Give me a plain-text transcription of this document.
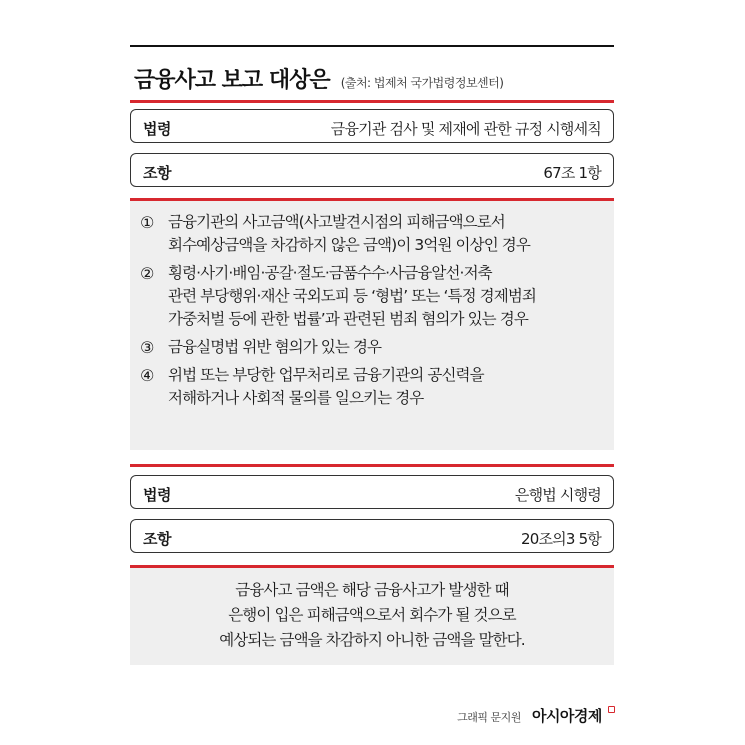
금융사고 보고 대상은 (출처: 법제처 국가법령정보센터)
법령	금융기관 검사 및 제재에 관한 규정 시행세칙
조항	67조 1항
① 금융기관의 사고금액(사고발견시점의 피해금액으로서
회수예상금액을 차감하지 않은 금액)이 3억원 이상인 경우
② 횡령·사기·배임·공갈·절도·금품수수·사금융알선·저축
관련 부당행위·재산 국외도피 등 ‘형법’ 또는 ‘특정 경제범죄
가중처벌 등에 관한 법률’과 관련된 범죄 혐의가 있는 경우
③ 금융실명법 위반 혐의가 있는 경우
④ 위법 또는 부당한 업무처리로 금융기관의 공신력을
저해하거나 사회적 물의를 일으키는 경우
법령	은행법 시행령
조항	20조의3 5항
금융사고 금액은 해당 금융사고가 발생한 때
은행이 입은 피해금액으로서 회수가 될 것으로
예상되는 금액을 차감하지 아니한 금액을 말한다.
그래픽 문지원 아시아경제
